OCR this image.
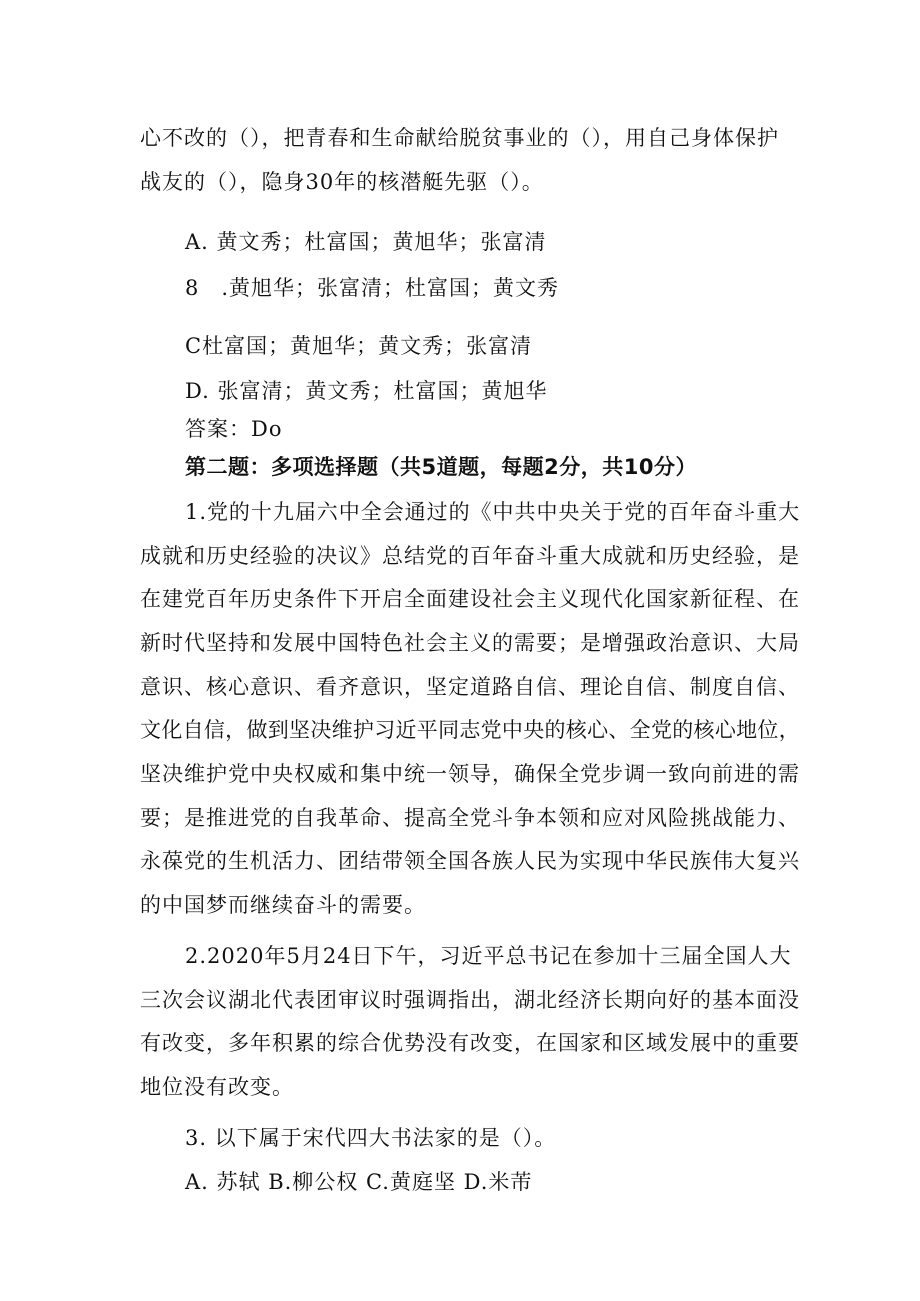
心不改的（），把青春和生命献给脱贫事业的（），用自己身体保护
战友的（），隐身30年的核潜艇先驱（）。
A. 黄文秀；杜富国；黄旭华；张富清
8　.黄旭华；张富清；杜富国；黄文秀
C杜富国；黄旭华；黄文秀；张富清
D. 张富清；黄文秀；杜富国；黄旭华
答案：Do
第二题：多项选择题（共5道题，每题2分，共10分）
1.党的十九届六中全会通过的《中共中央关于党的百年奋斗重大
成就和历史经验的决议》总结党的百年奋斗重大成就和历史经验，是
在建党百年历史条件下开启全面建设社会主义现代化国家新征程、在
新时代坚持和发展中国特色社会主义的需要；是增强政治意识、大局
意识、核心意识、看齐意识，坚定道路自信、理论自信、制度自信、
文化自信，做到坚决维护习近平同志党中央的核心、全党的核心地位，
坚决维护党中央权威和集中统一领导，确保全党步调一致向前进的需
要；是推进党的自我革命、提高全党斗争本领和应对风险挑战能力、
永葆党的生机活力、团结带领全国各族人民为实现中华民族伟大复兴
的中国梦而继续奋斗的需要。
2.2020年5月24日下午，习近平总书记在参加十三届全国人大
三次会议湖北代表团审议时强调指出，湖北经济长期向好的基本面没
有改变，多年积累的综合优势没有改变，在国家和区域发展中的重要
地位没有改变。
3. 以下属于宋代四大书法家的是（）。
A. 苏轼 B.柳公权 C.黄庭坚 D.米芾
